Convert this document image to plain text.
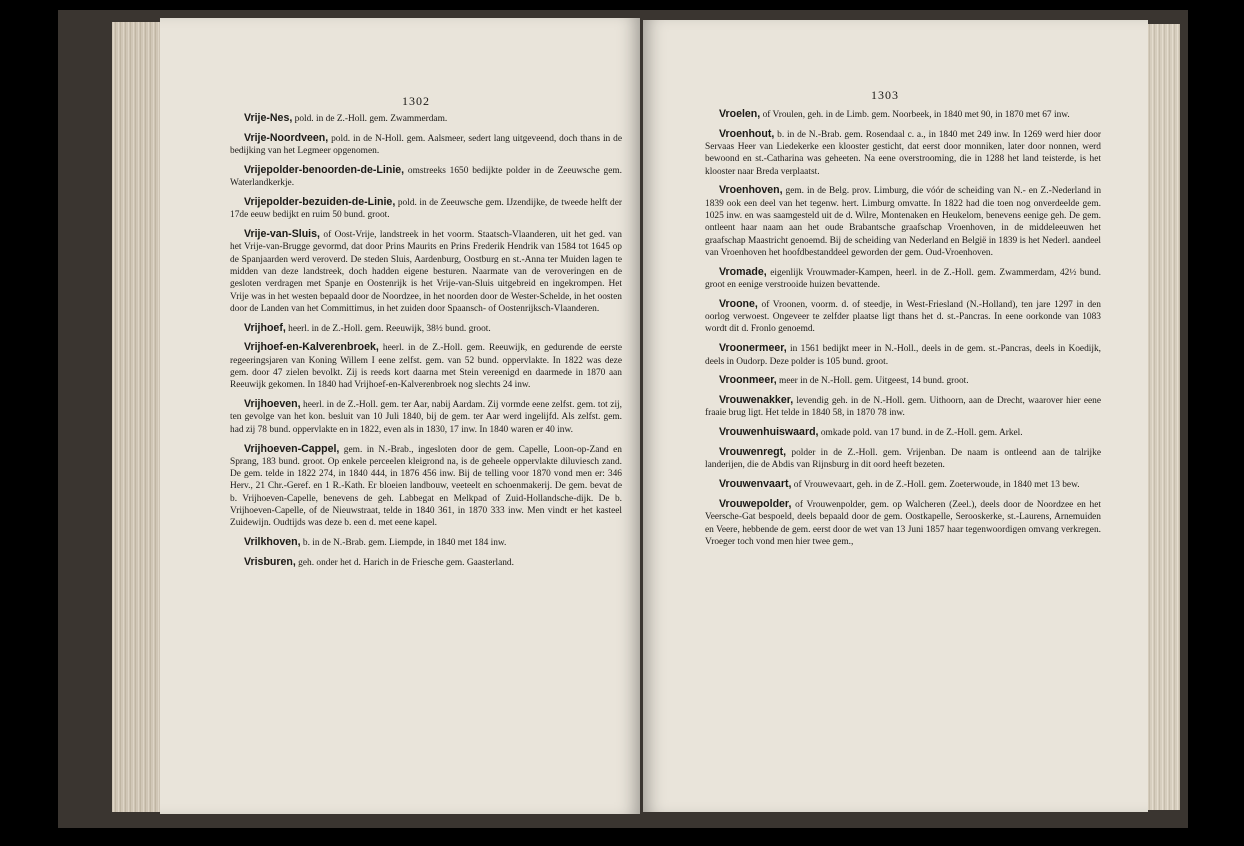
1302

Vrije-Nes, pold. in de Z.-Holl. gem. Zwammerdam.

Vrije-Noordveen, pold. in de N-Holl. gem. Aalsmeer, sedert lang uitgeveend, doch thans in de bedijking van het Legmeer opgenomen.

Vrijepolder-benoorden-de-Linie, omstreeks 1650 bedijkte polder in de Zeeuwsche gem. Waterlandkerkje.

Vrijepolder-bezuiden-de-Linie, pold. in de Zeeuwsche gem. IJzendijke, de tweede helft der 17de eeuw bedijkt en ruim 50 bund. groot.

Vrije-van-Sluis, of Oost-Vrije, landstreek in het voorm. Staatsch-Vlaanderen, uit het ged. van het Vrije-van-Brugge gevormd, dat door Prins Maurits en Prins Frederik Hendrik van 1584 tot 1645 op de Spanjaarden werd veroverd. De steden Sluis, Aardenburg, Oostburg en st.-Anna ter Muiden lagen te midden van deze landstreek, doch hadden eigene besturen. Naarmate van de veroveringen en de gesloten verdragen met Spanje en Oostenrijk is het Vrije-van-Sluis uitgebreid en ingekrompen. Het Vrije was in het westen bepaald door de Noordzee, in het noorden door de Wester-Schelde, in het oosten door de Landen van het Committimus, in het zuiden door Spaansch- of Oostenrijksch-Vlaanderen.

Vrijhoef, heerl. in de Z.-Holl. gem. Reeuwijk, 38½ bund. groot.

Vrijhoef-en-Kalverenbroek, heerl. in de Z.-Holl. gem. Reeuwijk, en gedurende de eerste regeeringsjaren van Koning Willem I eene zelfst. gem. van 52 bund. oppervlakte. In 1822 was deze gem. door 47 zielen bevolkt. Zij is reeds kort daarna met Stein vereenigd en daarmede in 1870 aan Reeuwijk gekomen. In 1840 had Vrijhoef-en-Kalverenbroek nog slechts 24 inw.

Vrijhoeven, heerl. in de Z.-Holl. gem. ter Aar, nabij Aardam. Zij vormde eene zelfst. gem. tot zij, ten gevolge van het kon. besluit van 10 Juli 1840, bij de gem. ter Aar werd ingelijfd. Als zelfst. gem. had zij 78 bund. oppervlakte en in 1822, even als in 1830, 17 inw. In 1840 waren er 40 inw.

Vrijhoeven-Cappel, gem. in N.-Brab., ingesloten door de gem. Capelle, Loon-op-Zand en Sprang, 183 bund. groot. Op enkele perceelen kleigrond na, is de geheele oppervlakte diluviesch zand. De gem. telde in 1822 274, in 1840 444, in 1876 456 inw. Bij de telling voor 1870 vond men er: 346 Herv., 21 Chr.-Geref. en 1 R.-Kath. Er bloeien landbouw, veeteelt en schoenmakerij. De gem. bevat de b. Vrijhoeven-Capelle, benevens de geh. Labbegat en Melkpad of Zuid-Hollandsche-dijk. De b. Vrijhoeven-Capelle, of de Nieuwstraat, telde in 1840 361, in 1870 333 inw. Men vindt er het kasteel Zuidewijn. Oudtijds was deze b. een d. met eene kapel.

Vrilkhoven, b. in de N.-Brab. gem. Liempde, in 1840 met 184 inw.

Vrisburen, geh. onder het d. Harich in de Friesche gem. Gaasterland.

1303

Vroelen, of Vroulen, geh. in de Limb. gem. Noorbeek, in 1840 met 90, in 1870 met 67 inw.

Vroenhout, b. in de N.-Brab. gem. Rosendaal c. a., in 1840 met 249 inw. In 1269 werd hier door Servaas Heer van Liedekerke een klooster gesticht, dat eerst door monniken, later door nonnen, werd bewoond en st.-Catharina was geheeten. Na eene overstrooming, die in 1288 het land teisterde, is het klooster naar Breda verplaatst.

Vroenhoven, gem. in de Belg. prov. Limburg, die vóór de scheiding van N.- en Z.-Nederland in 1839 ook een deel van het tegenw. hert. Limburg omvatte. In 1822 had die toen nog onverdeelde gem. 1025 inw. en was saamgesteld uit de d. Wilre, Montenaken en Heukelom, benevens eenige geh. De gem. ontleent haar naam aan het oude Brabantsche graafschap Vroenhoven, in de middeleeuwen het graafschap Maastricht genoemd. Bij de scheiding van Nederland en België in 1839 is het Nederl. aandeel van Vroenhoven het hoofdbestanddeel geworden der gem. Oud-Vroenhoven.

Vromade, eigenlijk Vrouwmader-Kampen, heerl. in de Z.-Holl. gem. Zwammerdam, 42½ bund. groot en eenige verstrooide huizen bevattende.

Vroone, of Vroonen, voorm. d. of steedje, in West-Friesland (N.-Holland), ten jare 1297 in den oorlog verwoest. Ongeveer te zelfder plaatse ligt thans het d. st.-Pancras. In eene oorkonde van 1083 wordt dit d. Fronlo genoemd.

Vroonermeer, in 1561 bedijkt meer in N.-Holl., deels in de gem. st.-Pancras, deels in Koedijk, deels in Oudorp. Deze polder is 105 bund. groot.

Vroonmeer, meer in de N.-Holl. gem. Uitgeest, 14 bund. groot.

Vrouwenakker, levendig geh. in de N.-Holl. gem. Uithoorn, aan de Drecht, waarover hier eene fraaie brug ligt. Het telde in 1840 58, in 1870 78 inw.

Vrouwenhuiswaard, omkade pold. van 17 bund. in de Z.-Holl. gem. Arkel.

Vrouwenregt, polder in de Z.-Holl. gem. Vrijenban. De naam is ontleend aan de talrijke landerijen, die de Abdis van Rijnsburg in dit oord heeft bezeten.

Vrouwenvaart, of Vrouwevaart, geh. in de Z.-Holl. gem. Zoeterwoude, in 1840 met 13 bew.

Vrouwepolder, of Vrouwenpolder, gem. op Walcheren (Zeel.), deels door de Noordzee en het Veersche-Gat bespoeld, deels bepaald door de gem. Oostkapelle, Serooskerke, st.-Laurens, Arnemuiden en Veere, hebbende de gem. eerst door de wet van 13 Juni 1857 haar tegenwoordigen omvang verkregen. Vroeger toch vond men hier twee gem.,
